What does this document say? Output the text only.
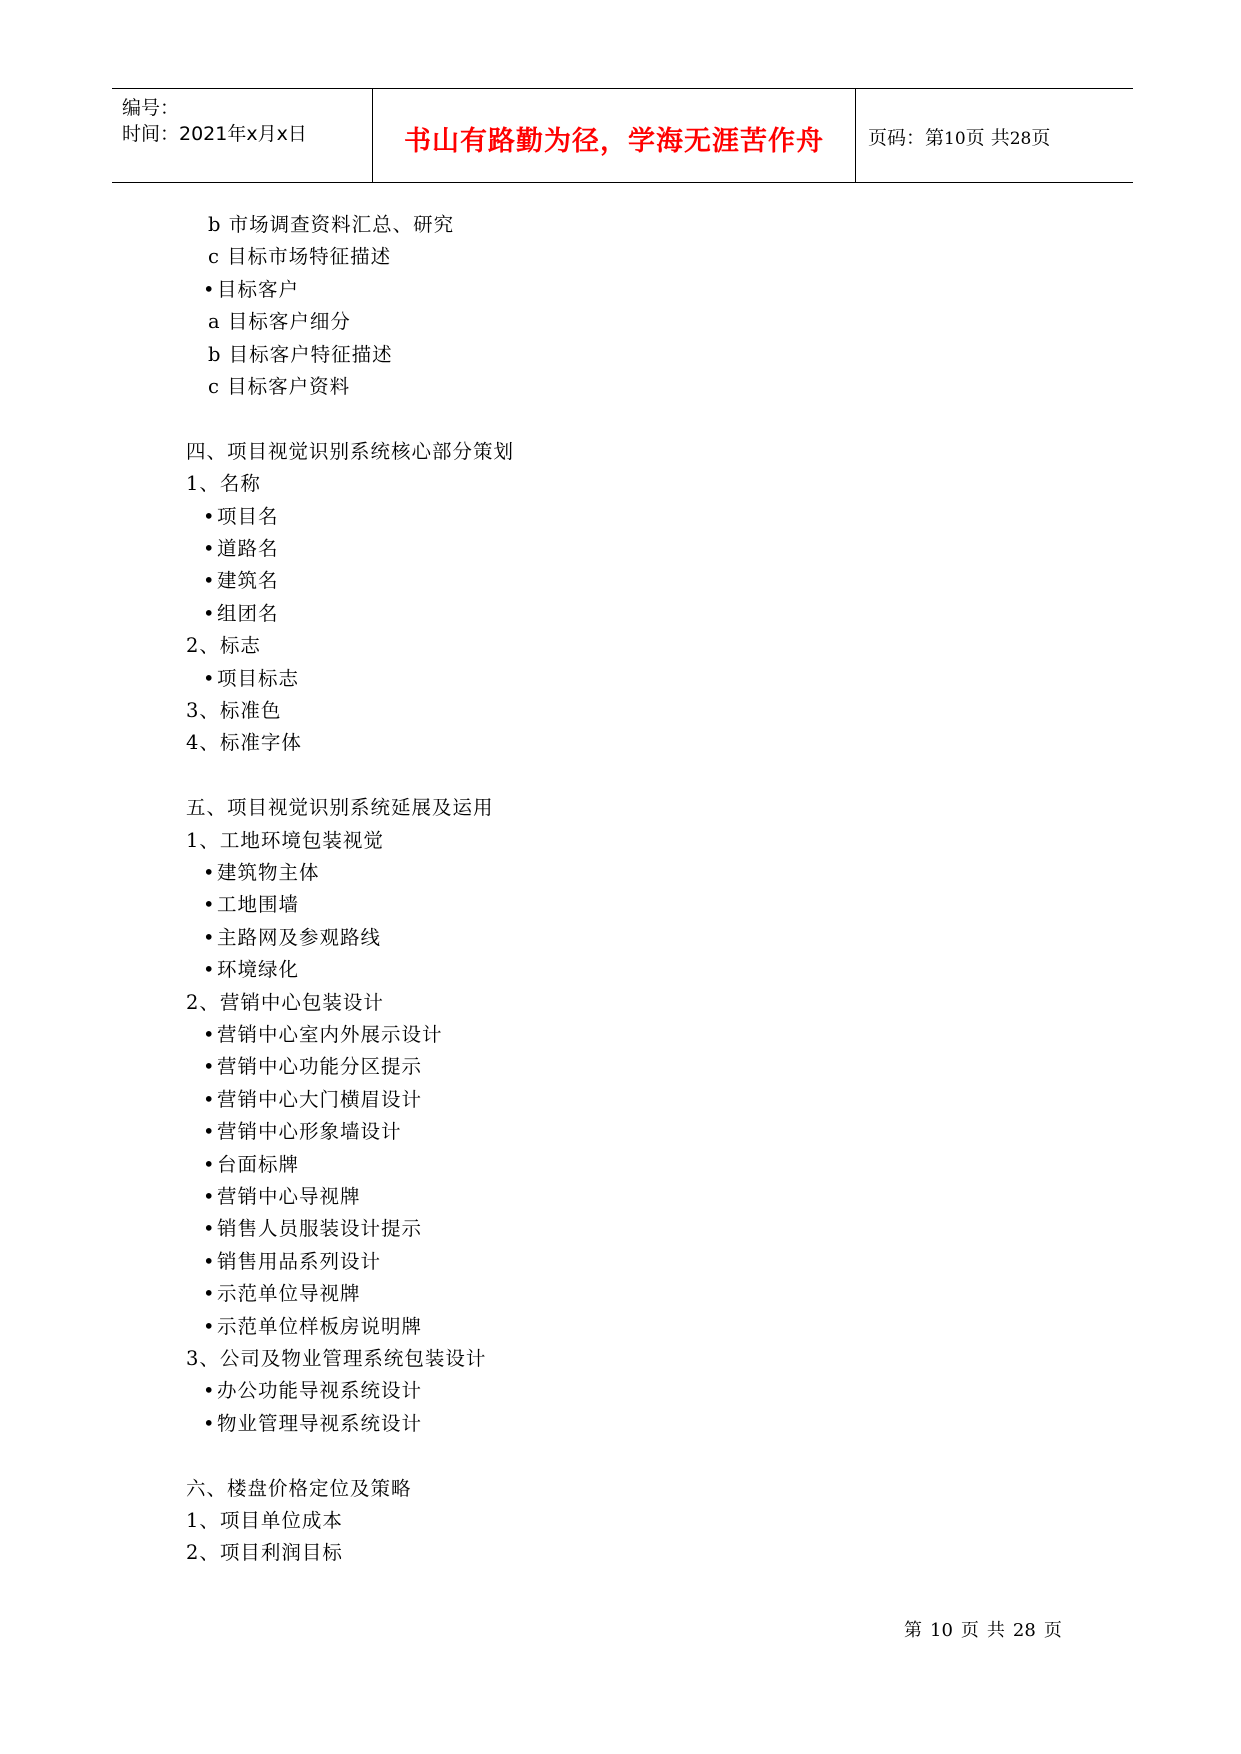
编号：
时间：2021年x月x日	书山有路勤为径，学海无涯苦作舟	页码：第10页 共28页
b 市场调查资料汇总、研究
c 目标市场特征描述
•目标客户
a 目标客户细分
b 目标客户特征描述
c 目标客户资料
四、项目视觉识别系统核心部分策划
1、名称
•项目名
•道路名
•建筑名
•组团名
2、标志
•项目标志
3、标准色
4、标准字体
五、项目视觉识别系统延展及运用
1、工地环境包装视觉
•建筑物主体
•工地围墙
•主路网及参观路线
•环境绿化
2、营销中心包装设计
•营销中心室内外展示设计
•营销中心功能分区提示
•营销中心大门横眉设计
•营销中心形象墙设计
•台面标牌
•营销中心导视牌
•销售人员服装设计提示
•销售用品系列设计
•示范单位导视牌
•示范单位样板房说明牌
3、公司及物业管理系统包装设计
•办公功能导视系统设计
•物业管理导视系统设计
六、楼盘价格定位及策略
1、项目单位成本
2、项目利润目标
第 10 页 共 28 页
